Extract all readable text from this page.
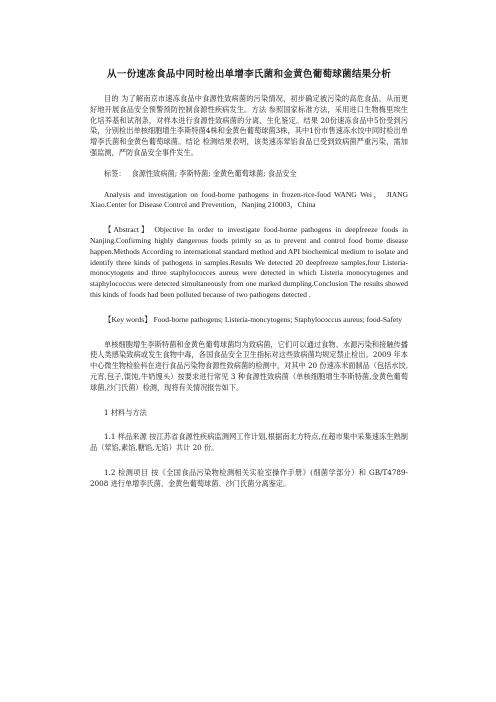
从一份速冻食品中同时检出单增李氏菌和金黄色葡萄球菌结果分析

目的 为了解南京市速冻食品中食源性致病菌的污染情况，初步确定被污染的高危食品，从而更好地开展食品安全预警预防控制食源性疾病发生。方法 参照国家标准方法，采用进口生物梅里埃生化培养基和试剂条，对样本进行食源性致病菌的分离、生化鉴定。结果 20份速冻食品中5份受到污染，分别检出单核细胞增生李斯特菌4株和金黄色葡萄球菌3株，其中1份市售速冻水饺中同时检出单增李氏菌和金黄色葡萄球菌。结论 检测结果表明，该类速冻荤馅食品已受到致病菌严重污染，需加强监测，严防食品安全事件发生。

标签： 食源性致病菌; 李斯特菌; 金黄色葡萄球菌; 食品安全

Analysis and investigation on food-borne pathogens in frozen-rice-food WANG Wei， JIANG Xiao.Center for Disease Control and Prevention，Nanjing 210003，China

【Abstract】 Objective In order to investigate food-borne pathogens in deepfreeze foods in Nanjing.Confirming highly dangerous foods primly so as to prevent and control food borne disease happen.Methods According to international standard method and API biochemical medium to isolate and identify three kinds of pathogens in samples.Results We detected 20 deepfreeze samples,four Listeria-monocytogens and three staphylococces aureus were detected in which Listeria monocytogenes and staphylococcus were detected simultaneously from one marked dumpling.Conclusion The results showed this kinds of foods had been polluted because of two pathogens detected .

【Key words】 Food-borne pathogens; Listeria-moncytogens; Staphylococcus aureus; food-Safety

单核细胞增生李斯特菌和金黄色葡萄球菌均为致病菌，它们可以通过食物、水源污染和接触传播使人类感染致病或发生食物中毒，各国食品安全卫生指标对这些致病菌均规定禁止检出。2009 年本中心微生物检验科在进行食品污染物食源性致病菌的检测中，对其中 20 份速冻米面制品（包括水饺,元宵,包子,馄饨,牛奶馒头）按要求进行常见 3 种食源性致病菌（单核细胞增生李斯特菌,金黄色葡萄球菌,沙门氏菌）检测，现将有关情况报告如下。

1 材料与方法

1.1 样品来源 按江苏省食源性疾病监测网工作计划,根据南北方特点,在超市集中采集速冻生熟制品（荤馅,素馅,糖馅,无馅）共计 20 份。

1.2 检测项目 按《全国食品污染物检测相关实验室操作手册》(细菌学部分）和 GB/T4789-2008 进行单增李氏菌、金黄色葡萄球菌、沙门氏菌分离鉴定。
